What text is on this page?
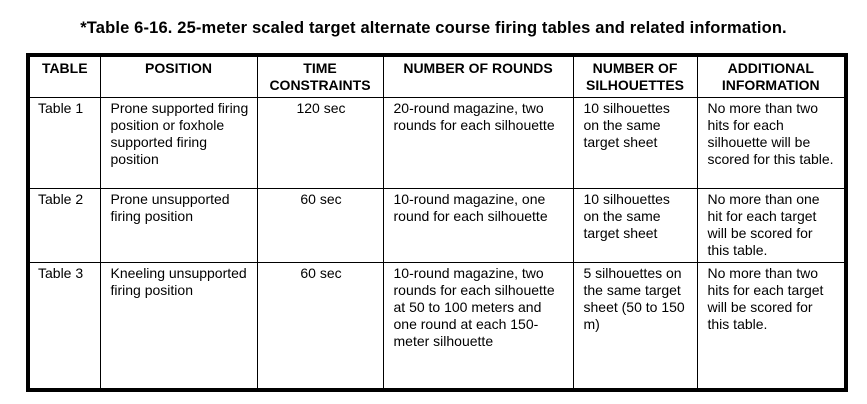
*Table 6-16. 25-meter scaled target alternate course firing tables and related information.
TABLE	POSITION	TIME CONSTRAINTS	NUMBER OF ROUNDS	NUMBER OF SILHOUETTES	ADDITIONAL INFORMATION
Table 1	Prone supported firing position or foxhole supported firing position	120 sec	20-round magazine, two rounds for each silhouette	10 silhouettes on the same target sheet	No more than two hits for each silhouette will be scored for this table.
Table 2	Prone unsupported firing position	60 sec	10-round magazine, one round for each silhouette	10 silhouettes on the same target sheet	No more than one hit for each target will be scored for this table.
Table 3	Kneeling unsupported firing position	60 sec	10-round magazine, two rounds for each silhouette at 50 to 100 meters and one round at each 150-meter silhouette	5 silhouettes on the same target sheet (50 to 150 m)	No more than two hits for each target will be scored for this table.
